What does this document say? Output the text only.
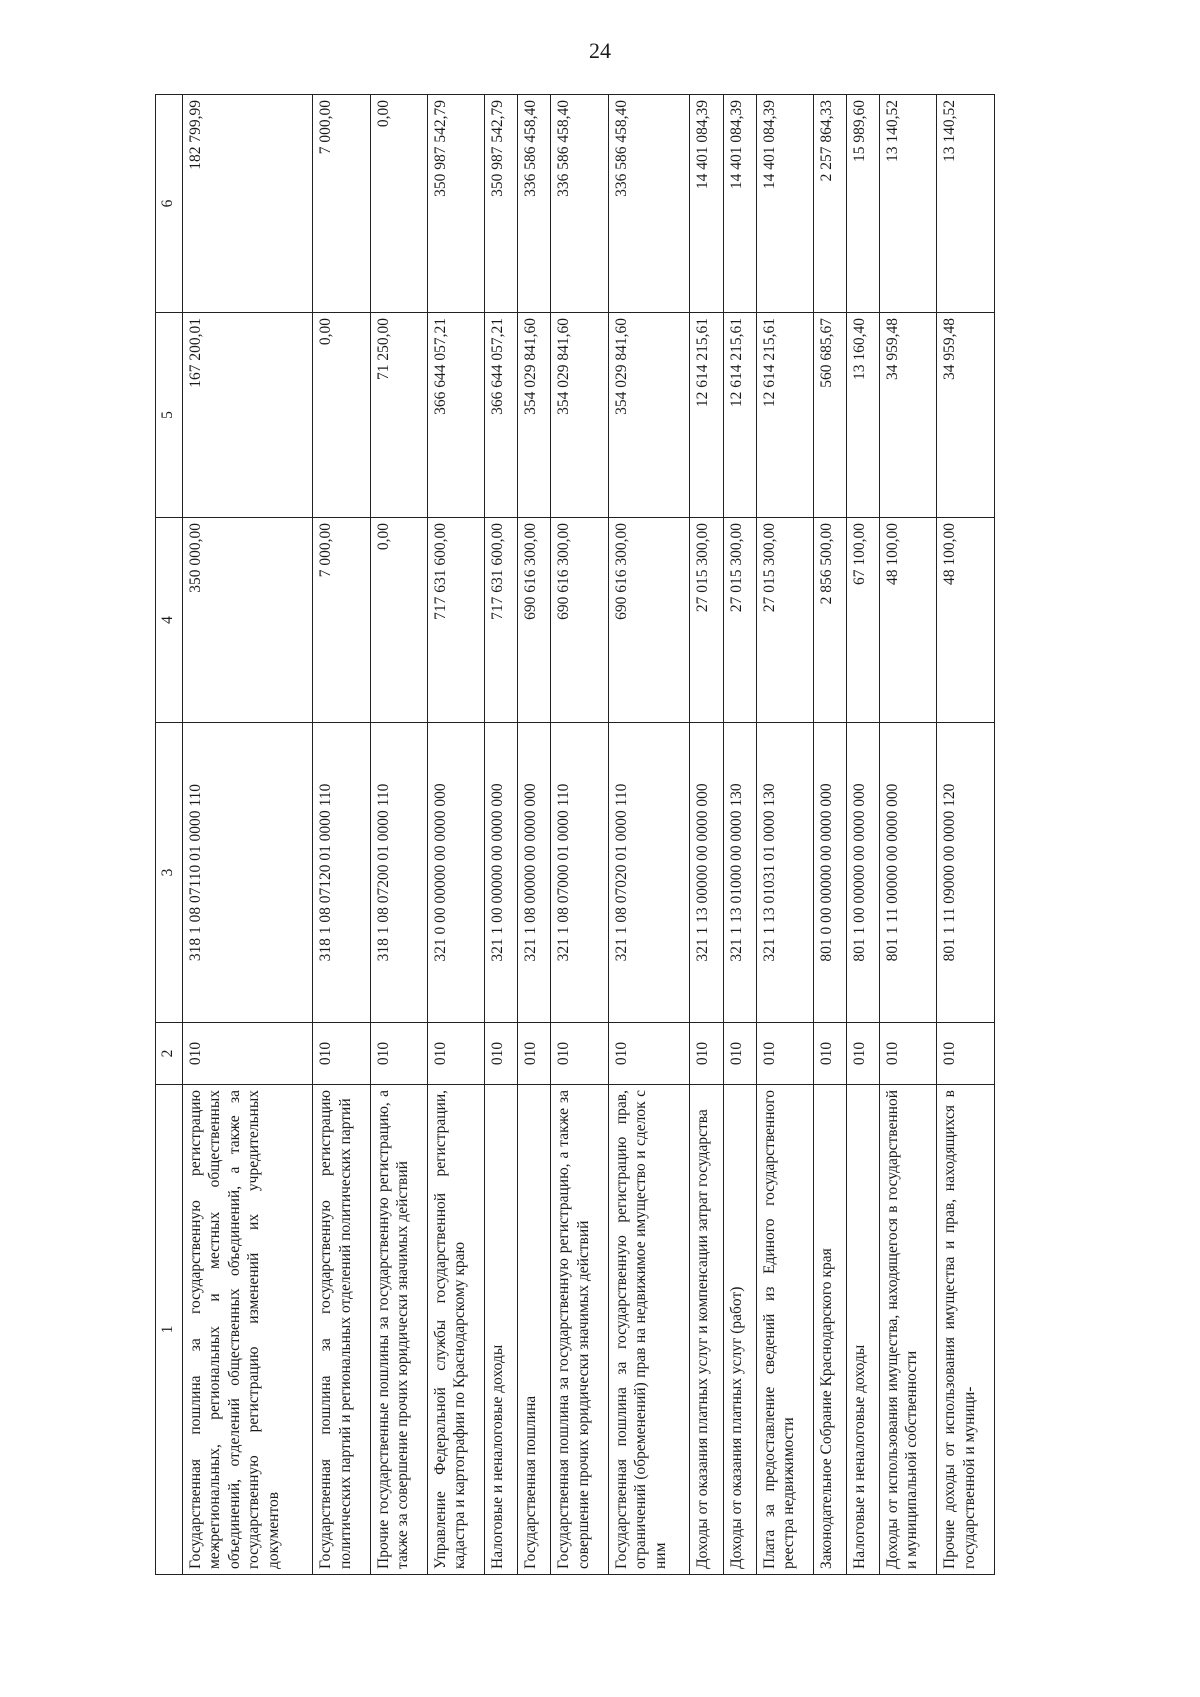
24
1	2	3	4	5	6
Государственная пошлина за государственную регистрацию межрегиональных, региональных и местных общественных объединений, отделений общественных объединений, а также за государственную регистрацию изменений их учредительных документов	010	318 1 08 07110 01 0000 110	350 000,00	167 200,01	182 799,99
Государственная пошлина за государственную регистрацию политических партий и региональных отделений политических партий	010	318 1 08 07120 01 0000 110	7 000,00	0,00	7 000,00
Прочие государственные пошлины за государственную регистрацию, а также за совершение прочих юридически значимых действий	010	318 1 08 07200 01 0000 110	0,00	71 250,00	0,00
Управление Федеральной службы государственной регистрации, кадастра и картографии по Краснодарскому краю	010	321 0 00 00000 00 0000 000	717 631 600,00	366 644 057,21	350 987 542,79
Налоговые и неналоговые доходы	010	321 1 00 00000 00 0000 000	717 631 600,00	366 644 057,21	350 987 542,79
Государственная пошлина	010	321 1 08 00000 00 0000 000	690 616 300,00	354 029 841,60	336 586 458,40
Государственная пошлина за государственную регистрацию, а также за совершение прочих юридически значимых действий	010	321 1 08 07000 01 0000 110	690 616 300,00	354 029 841,60	336 586 458,40
Государственная пошлина за государственную регистрацию прав, ограничений (обременений) прав на недвижимое имущество и сделок с ним	010	321 1 08 07020 01 0000 110	690 616 300,00	354 029 841,60	336 586 458,40
Доходы от оказания платных услуг и компенсации затрат государства	010	321 1 13 00000 00 0000 000	27 015 300,00	12 614 215,61	14 401 084,39
Доходы от оказания платных услуг (работ)	010	321 1 13 01000 00 0000 130	27 015 300,00	12 614 215,61	14 401 084,39
Плата за предоставление сведений из Единого государственного реестра недвижимости	010	321 1 13 01031 01 0000 130	27 015 300,00	12 614 215,61	14 401 084,39
Законодательное Собрание Краснодарского края	010	801 0 00 00000 00 0000 000	2 856 500,00	560 685,67	2 257 864,33
Налоговые и неналоговые доходы	010	801 1 00 00000 00 0000 000	67 100,00	13 160,40	15 989,60
Доходы от использования имущества, находящегося в государственной и муниципальной собственности	010	801 1 11 00000 00 0000 000	48 100,00	34 959,48	13 140,52
Прочие доходы от использования имущества и прав, находящихся в государственной и муници-	010	801 1 11 09000 00 0000 120	48 100,00	34 959,48	13 140,52
